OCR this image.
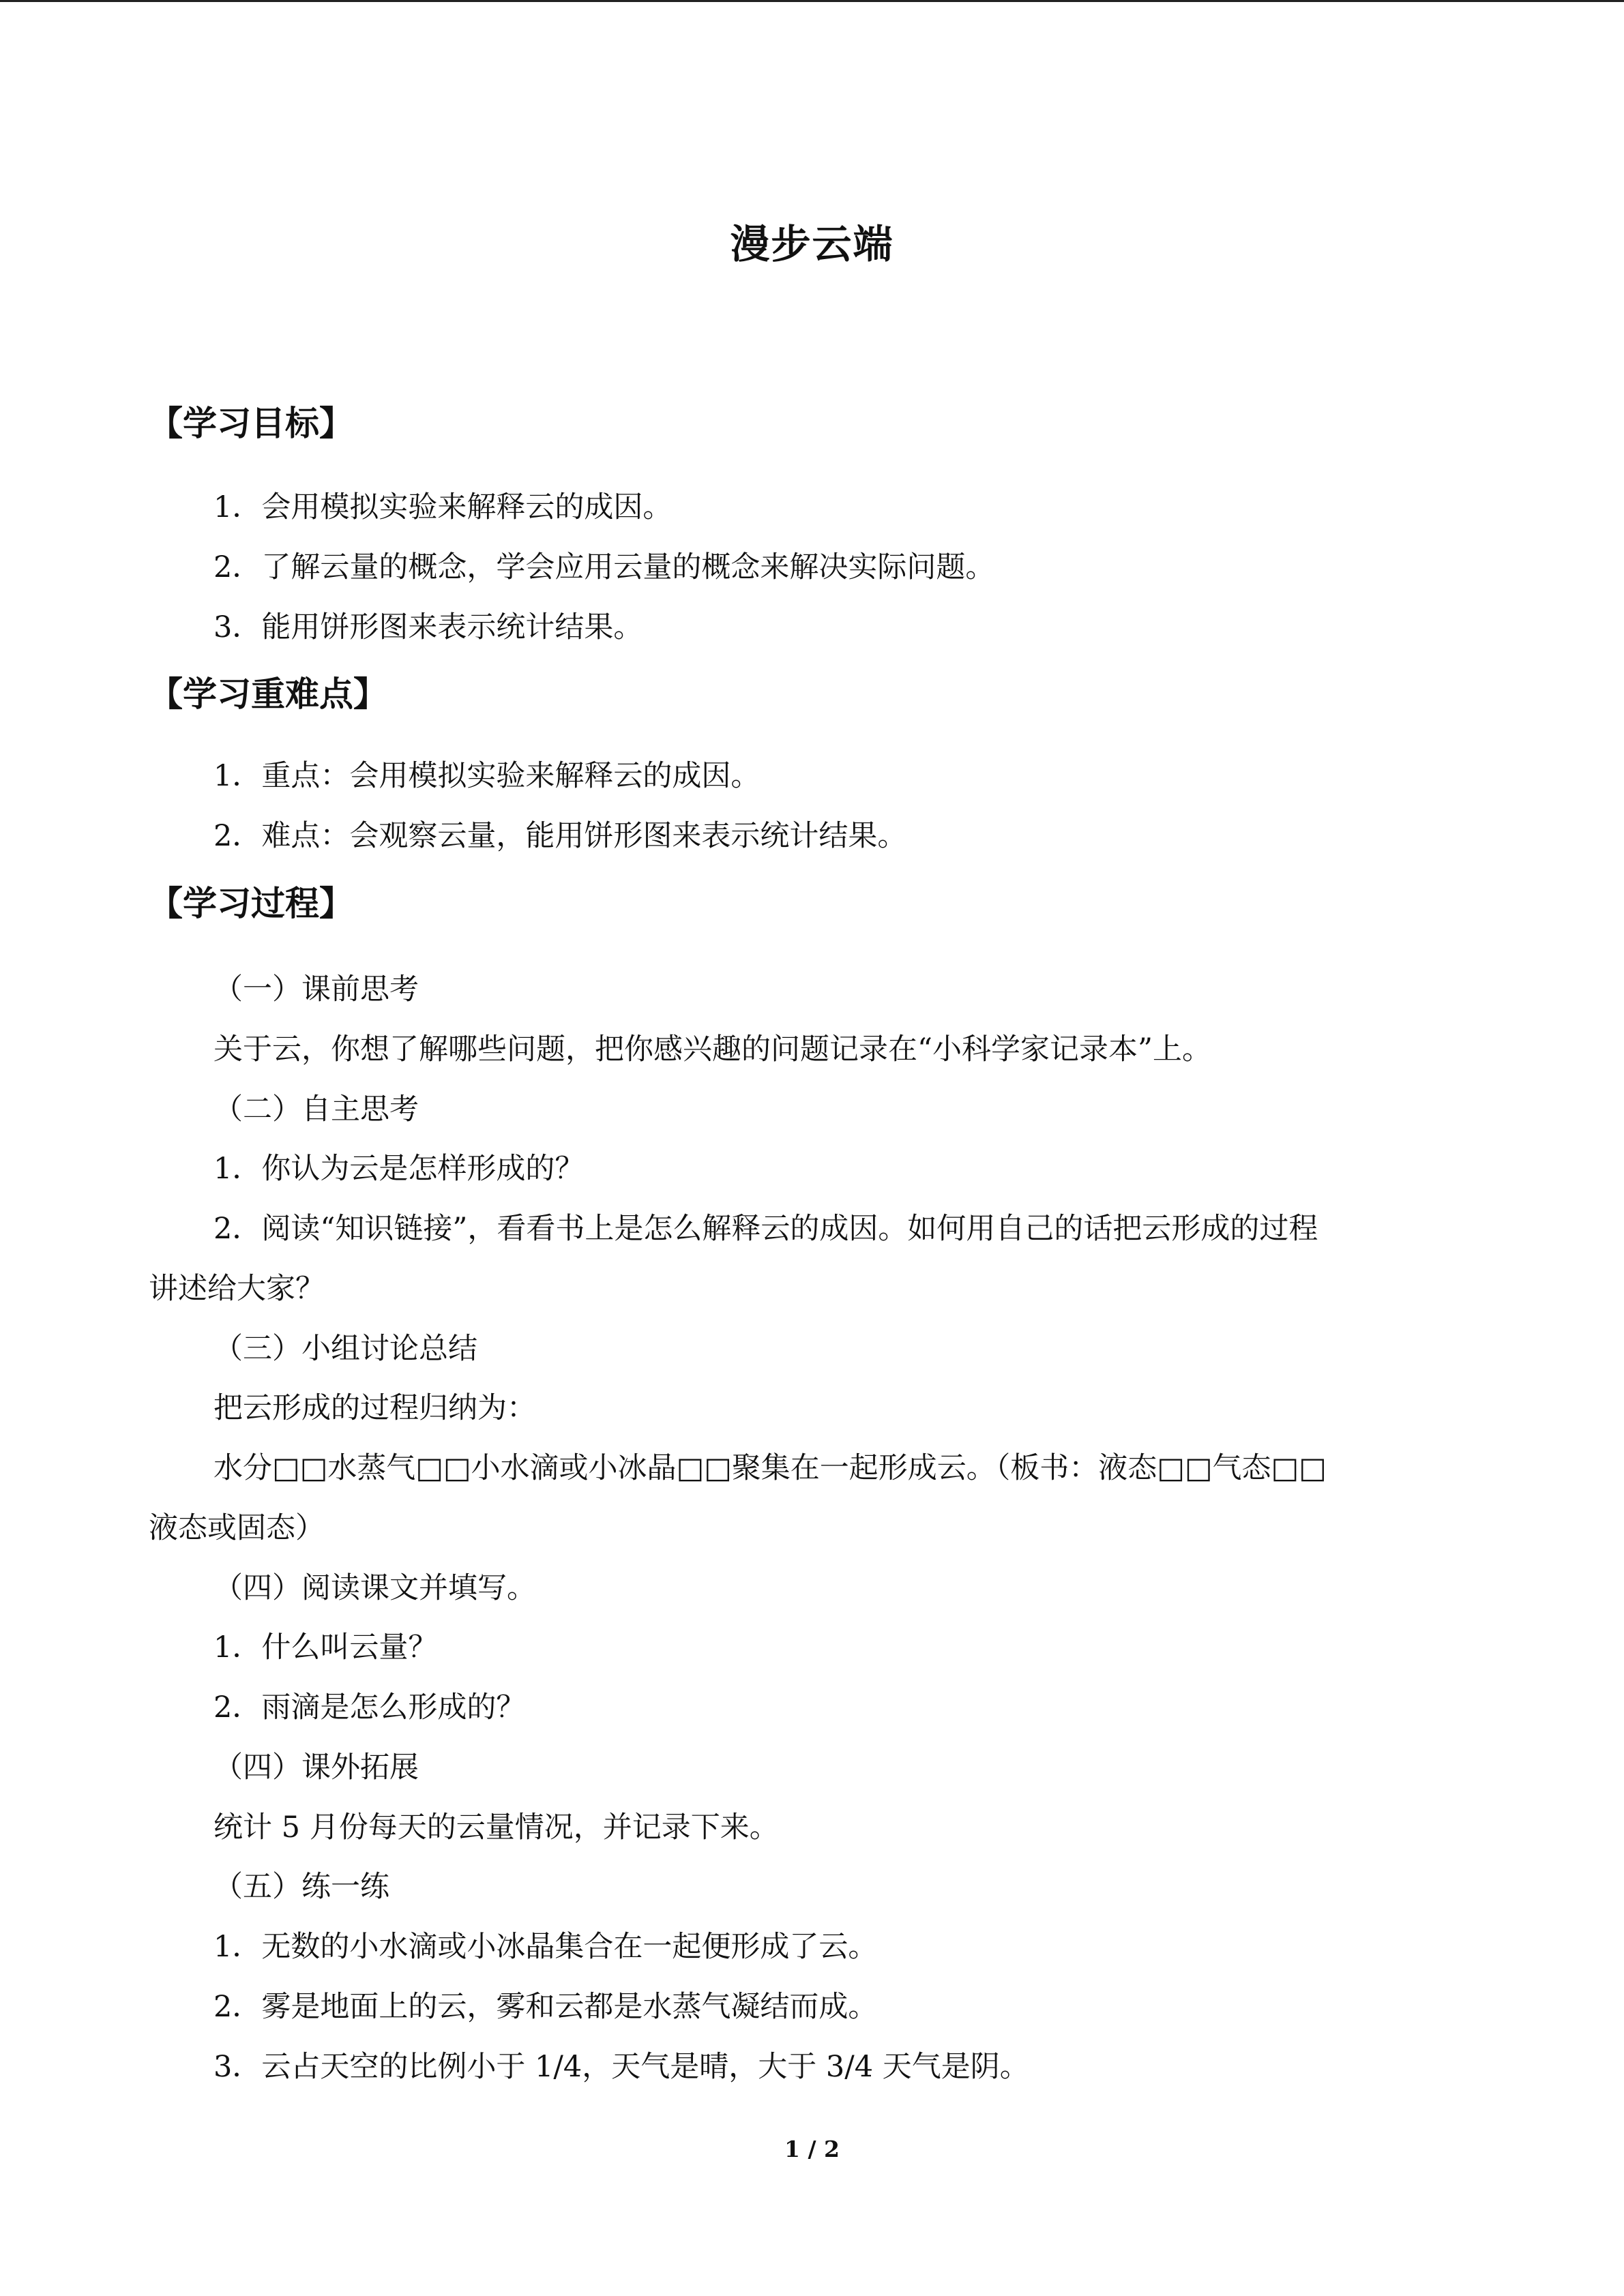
漫步云端
【学习目标】
1．会用模拟实验来解释云的成因。
2．了解云量的概念，学会应用云量的概念来解决实际问题。
3．能用饼形图来表示统计结果。
【学习重难点】
1．重点：会用模拟实验来解释云的成因。
2．难点：会观察云量，能用饼形图来表示统计结果。
【学习过程】
（一）课前思考
关于云，你想了解哪些问题，把你感兴趣的问题记录在“小科学家记录本”上。
（二）自主思考
1．你认为云是怎样形成的？
2．阅读“知识链接”，看看书上是怎么解释云的成因。如何用自己的话把云形成的过程
讲述给大家？
（三）小组讨论总结
把云形成的过程归纳为：
水分□□水蒸气□□小水滴或小冰晶□□聚集在一起形成云。（板书：液态□□气态□□
液态或固态）
（四）阅读课文并填写。
1．什么叫云量？
2．雨滴是怎么形成的？
（四）课外拓展
统计 5 月份每天的云量情况，并记录下来。
（五）练一练
1．无数的小水滴或小冰晶集合在一起便形成了云。
2．雾是地面上的云，雾和云都是水蒸气凝结而成。
3．云占天空的比例小于 1/4，天气是晴，大于 3/4 天气是阴。
1 / 2
